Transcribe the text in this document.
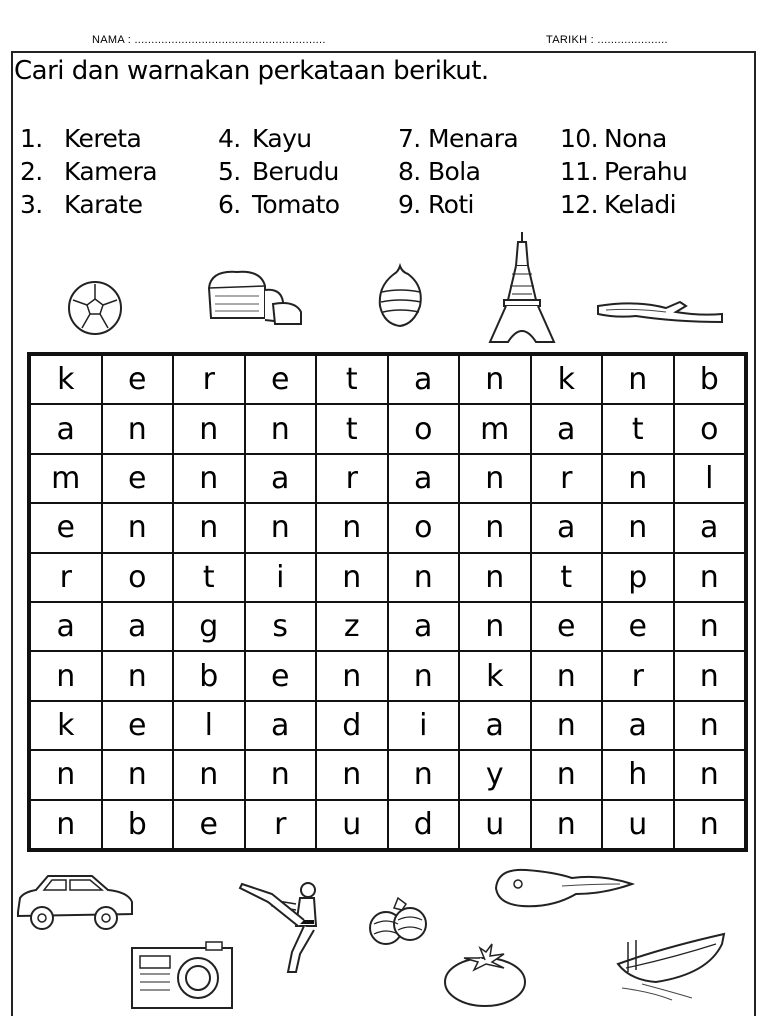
NAMA : .........................................................	TARIKH : .....................
Cari dan warnakan perkataan berikut.
1. Kereta
2. Kamera
3. Karate
4. Kayu
5. Berudu
6. Tomato
7. Menara
8. Bola
9. Roti
10. Nona
11. Perahu
12. Keladi
k	e	r	e	t	a	n	k	n	b
a	n	n	n	t	o	m	a	t	o
m	e	n	a	r	a	n	r	n	l
e	n	n	n	n	o	n	a	n	a
r	o	t	i	n	n	n	t	p	n
a	a	g	s	z	a	n	e	e	n
n	n	b	e	n	n	k	n	r	n
k	e	l	a	d	i	a	n	a	n
n	n	n	n	n	n	y	n	h	n
n	b	e	r	u	d	u	n	u	n
